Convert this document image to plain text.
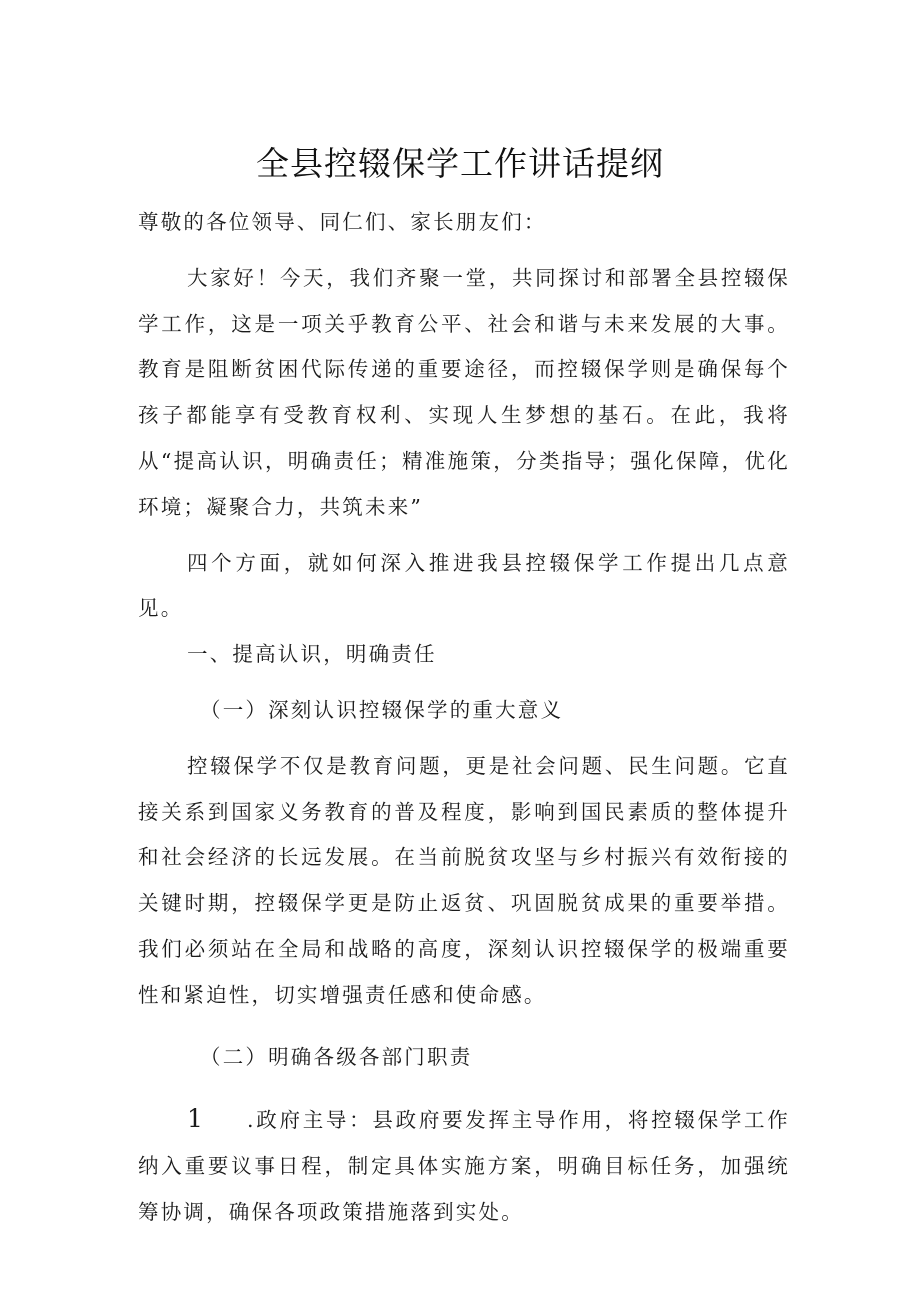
全县控辍保学工作讲话提纲

尊敬的各位领导、同仁们、家长朋友们：

大家好！今天，我们齐聚一堂，共同探讨和部署全县控辍保学工作，这是一项关乎教育公平、社会和谐与未来发展的大事。教育是阻断贫困代际传递的重要途径，而控辍保学则是确保每个孩子都能享有受教育权利、实现人生梦想的基石。在此，我将从“提高认识，明确责任；精准施策，分类指导；强化保障，优化环境；凝聚合力，共筑未来”

四个方面，就如何深入推进我县控辍保学工作提出几点意见。

一、提高认识，明确责任

（一）深刻认识控辍保学的重大意义

控辍保学不仅是教育问题，更是社会问题、民生问题。它直接关系到国家义务教育的普及程度，影响到国民素质的整体提升和社会经济的长远发展。在当前脱贫攻坚与乡村振兴有效衔接的关键时期，控辍保学更是防止返贫、巩固脱贫成果的重要举措。我们必须站在全局和战略的高度，深刻认识控辍保学的极端重要性和紧迫性，切实增强责任感和使命感。

（二）明确各级各部门职责

1 .政府主导：县政府要发挥主导作用，将控辍保学工作纳入重要议事日程，制定具体实施方案，明确目标任务，加强统筹协调，确保各项政策措施落到实处。
